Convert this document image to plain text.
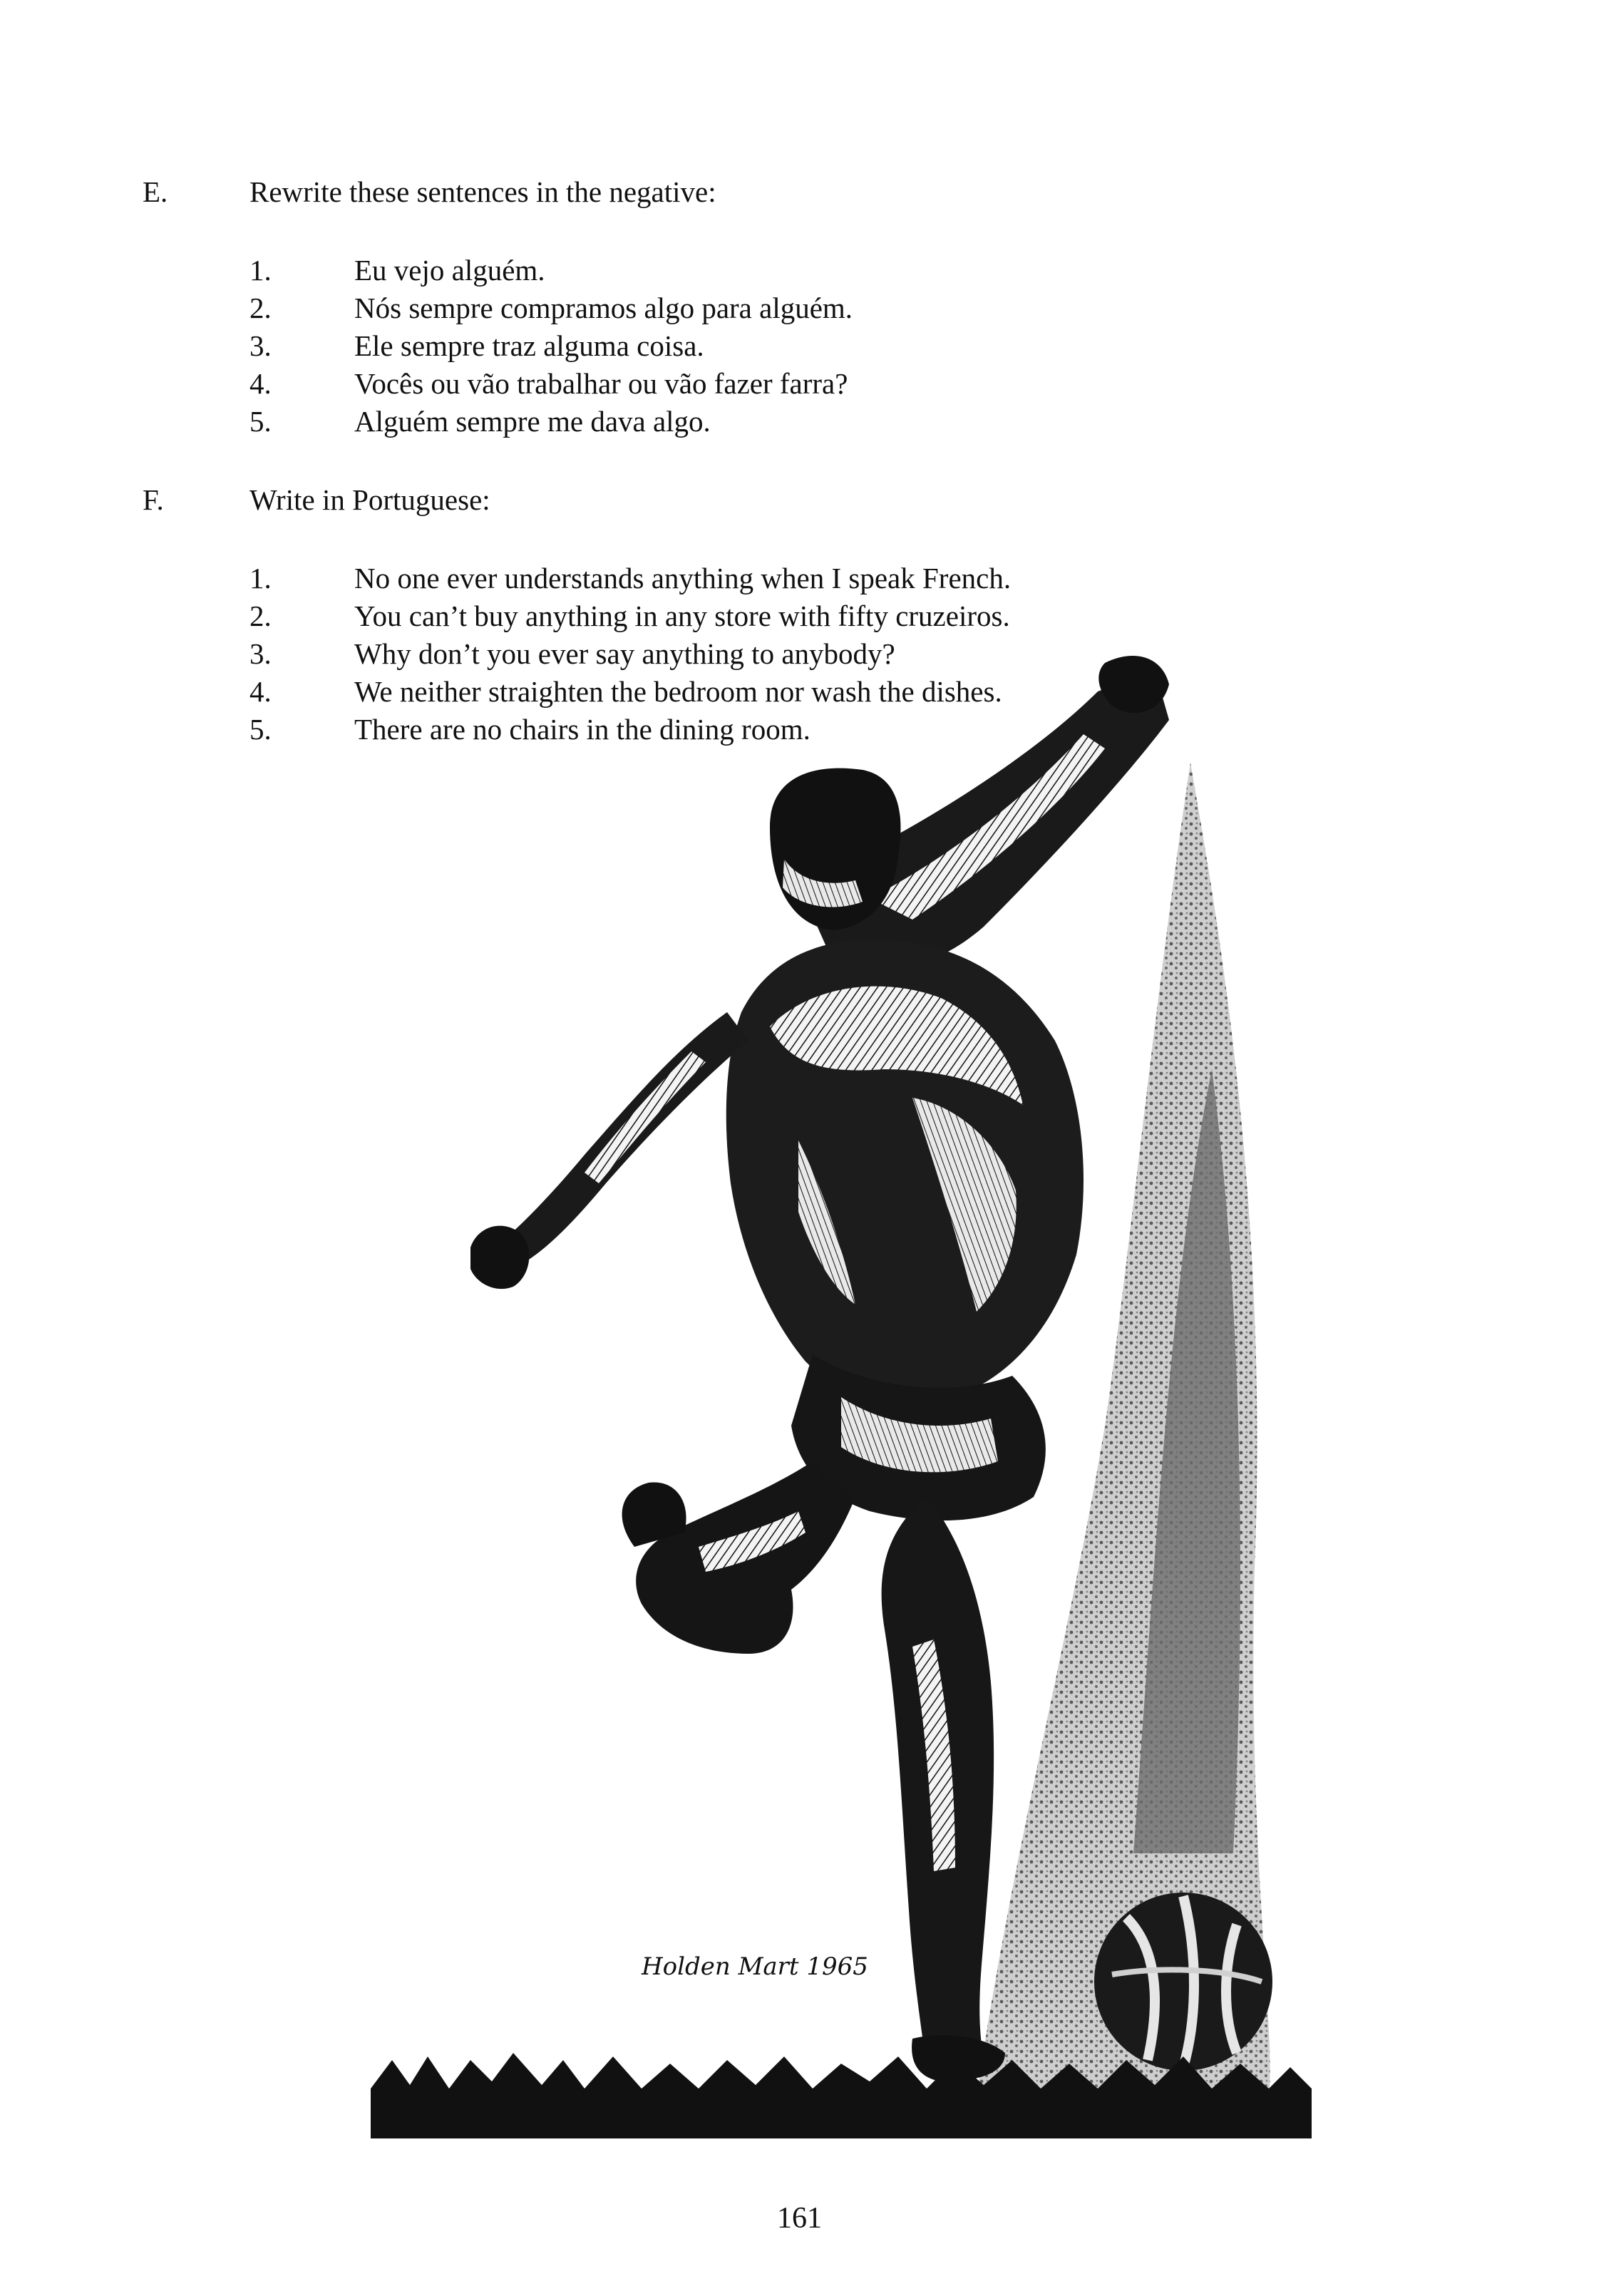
E.	Rewrite these sentences in the negative:
1.	Eu vejo alguém.
2.	Nós sempre compramos algo para alguém.
3.	Ele sempre traz alguma coisa.
4.	Vocês ou vão trabalhar ou vão fazer farra?
5.	Alguém sempre me dava algo.
F.	Write in Portuguese:
1.	No one ever understands anything when I speak French.
2.	You can’t buy anything in any store with fifty cruzeiros.
3.	Why don’t you ever say anything to anybody?
4.	We neither straighten the bedroom nor wash the dishes.
5.	There are no chairs in the dining room.
Holden Mart 1965
161
